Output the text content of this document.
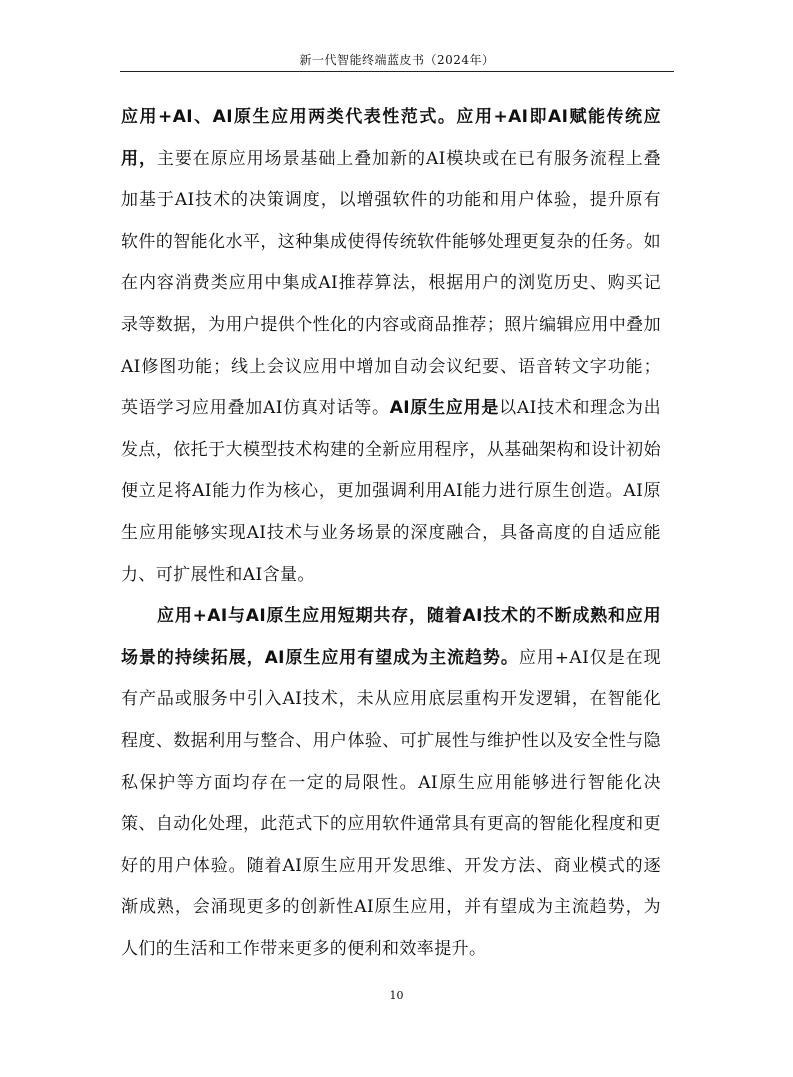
新一代智能终端蓝皮书（2024年）

应用+AI、AI原生应用两类代表性范式。应用+AI即AI赋能传统应用，主要在原应用场景基础上叠加新的AI模块或在已有服务流程上叠加基于AI技术的决策调度，以增强软件的功能和用户体验，提升原有软件的智能化水平，这种集成使得传统软件能够处理更复杂的任务。如在内容消费类应用中集成AI推荐算法，根据用户的浏览历史、购买记录等数据，为用户提供个性化的内容或商品推荐；照片编辑应用中叠加AI修图功能；线上会议应用中增加自动会议纪要、语音转文字功能；英语学习应用叠加AI仿真对话等。AI原生应用是以AI技术和理念为出发点，依托于大模型技术构建的全新应用程序，从基础架构和设计初始便立足将AI能力作为核心，更加强调利用AI能力进行原生创造。AI原生应用能够实现AI技术与业务场景的深度融合，具备高度的自适应能力、可扩展性和AI含量。

应用+AI与AI原生应用短期共存，随着AI技术的不断成熟和应用场景的持续拓展，AI原生应用有望成为主流趋势。应用+AI仅是在现有产品或服务中引入AI技术，未从应用底层重构开发逻辑，在智能化程度、数据利用与整合、用户体验、可扩展性与维护性以及安全性与隐私保护等方面均存在一定的局限性。AI原生应用能够进行智能化决策、自动化处理，此范式下的应用软件通常具有更高的智能化程度和更好的用户体验。随着AI原生应用开发思维、开发方法、商业模式的逐渐成熟，会涌现更多的创新性AI原生应用，并有望成为主流趋势，为人们的生活和工作带来更多的便利和效率提升。

10
